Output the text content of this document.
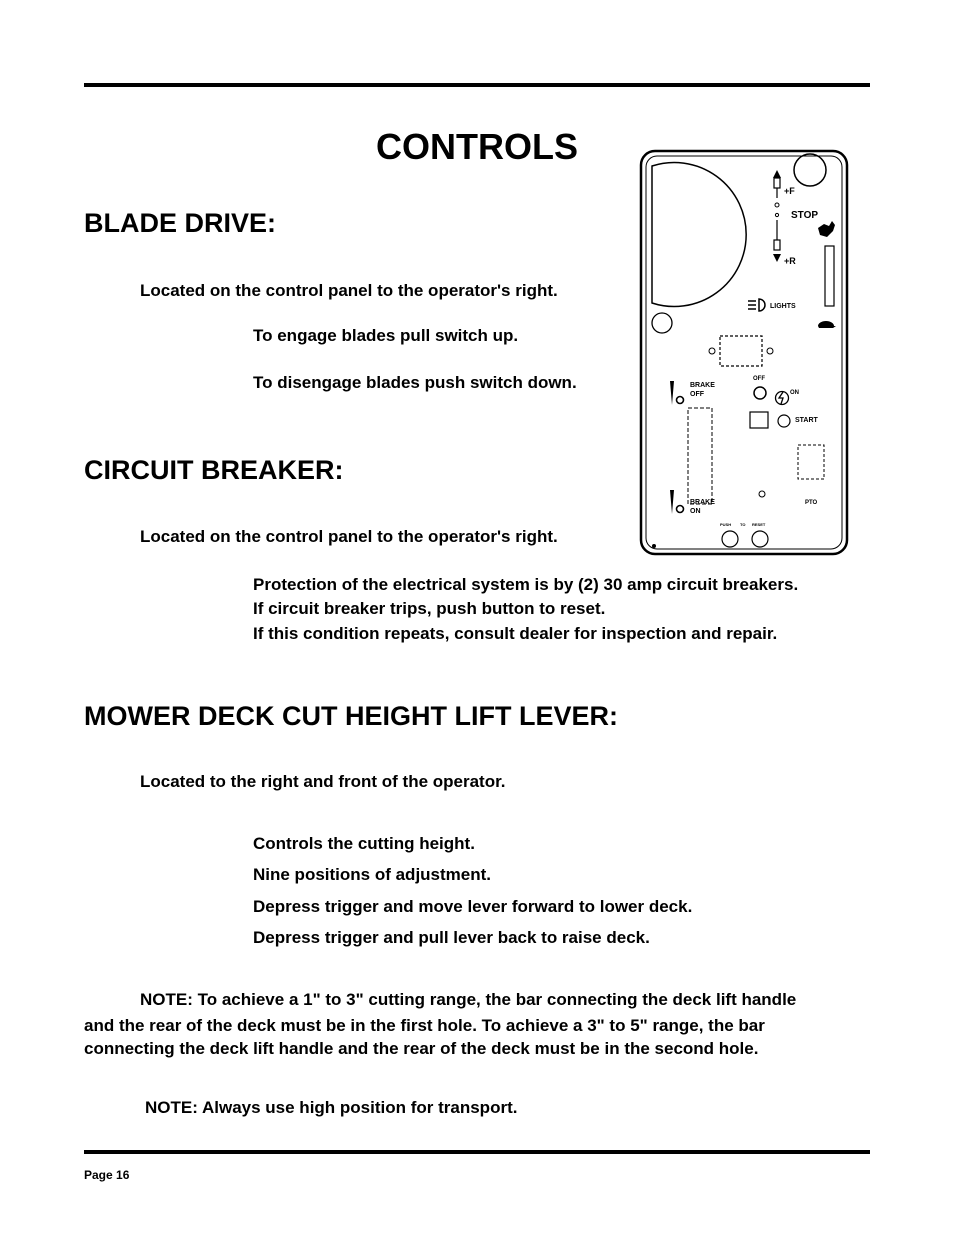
CONTROLS
BLADE DRIVE:
Located on the control panel to the operator's right.
To engage blades pull switch up.
To disengage blades push switch down.
CIRCUIT BREAKER:
Located on the control panel to the operator's right.
Protection of the electrical system is by (2) 30 amp circuit breakers.
If circuit breaker trips, push button to reset.
If this condition repeats, consult dealer for inspection and repair.
MOWER DECK CUT HEIGHT LIFT LEVER:
Located to the right and front of the operator.
Controls the cutting height.
Nine positions of adjustment.
Depress trigger and move lever forward to lower deck.
Depress trigger and pull lever back to raise deck.
NOTE: To achieve a 1" to 3" cutting range, the bar connecting the deck lift handle
and the rear of the deck must be in the first hole. To achieve a 3" to 5" range, the bar
connecting the deck lift handle and the rear of the deck must be in the second hole.
NOTE: Always use high position for transport.
Page 16
+F
STOP
+R
LIGHTS
BRAKE
OFF
OFF
ON
START
PTO
BRAKE
ON
PUSH TO RESET
